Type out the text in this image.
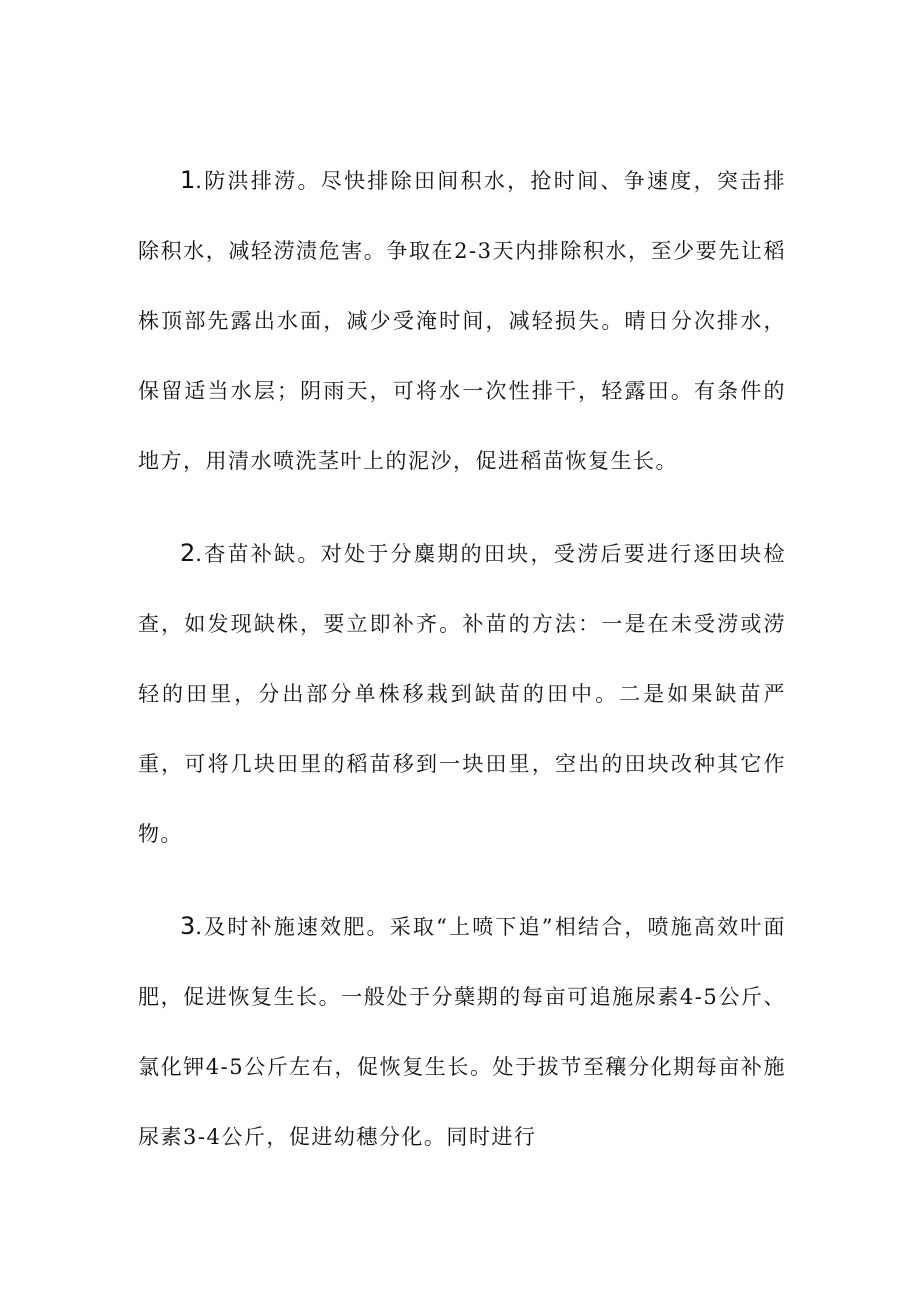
1.防洪排涝。尽快排除田间积水，抢时间、争速度，突击排除积水，减轻涝渍危害。争取在2-3天内排除积水，至少要先让稻株顶部先露出水面，减少受淹时间，减轻损失。晴日分次排水，保留适当水层；阴雨天，可将水一次性排干，轻露田。有条件的地方，用清水喷洗茎叶上的泥沙，促进稻苗恢复生长。

2.杳苗补缺。对处于分麋期的田块，受涝后要进行逐田块检查，如发现缺株，要立即补齐。补苗的方法：一是在未受涝或涝轻的田里，分出部分单株移栽到缺苗的田中。二是如果缺苗严重，可将几块田里的稻苗移到一块田里，空出的田块改种其它作物。

3.及时补施速效肥。采取“上喷下追”相结合，喷施高效叶面肥，促进恢复生长。一般处于分蘖期的每亩可追施尿素4-5公斤、氯化钾4-5公斤左右，促恢复生长。处于拔节至穰分化期每亩补施尿素3-4公斤，促进幼穗分化。同时进行
